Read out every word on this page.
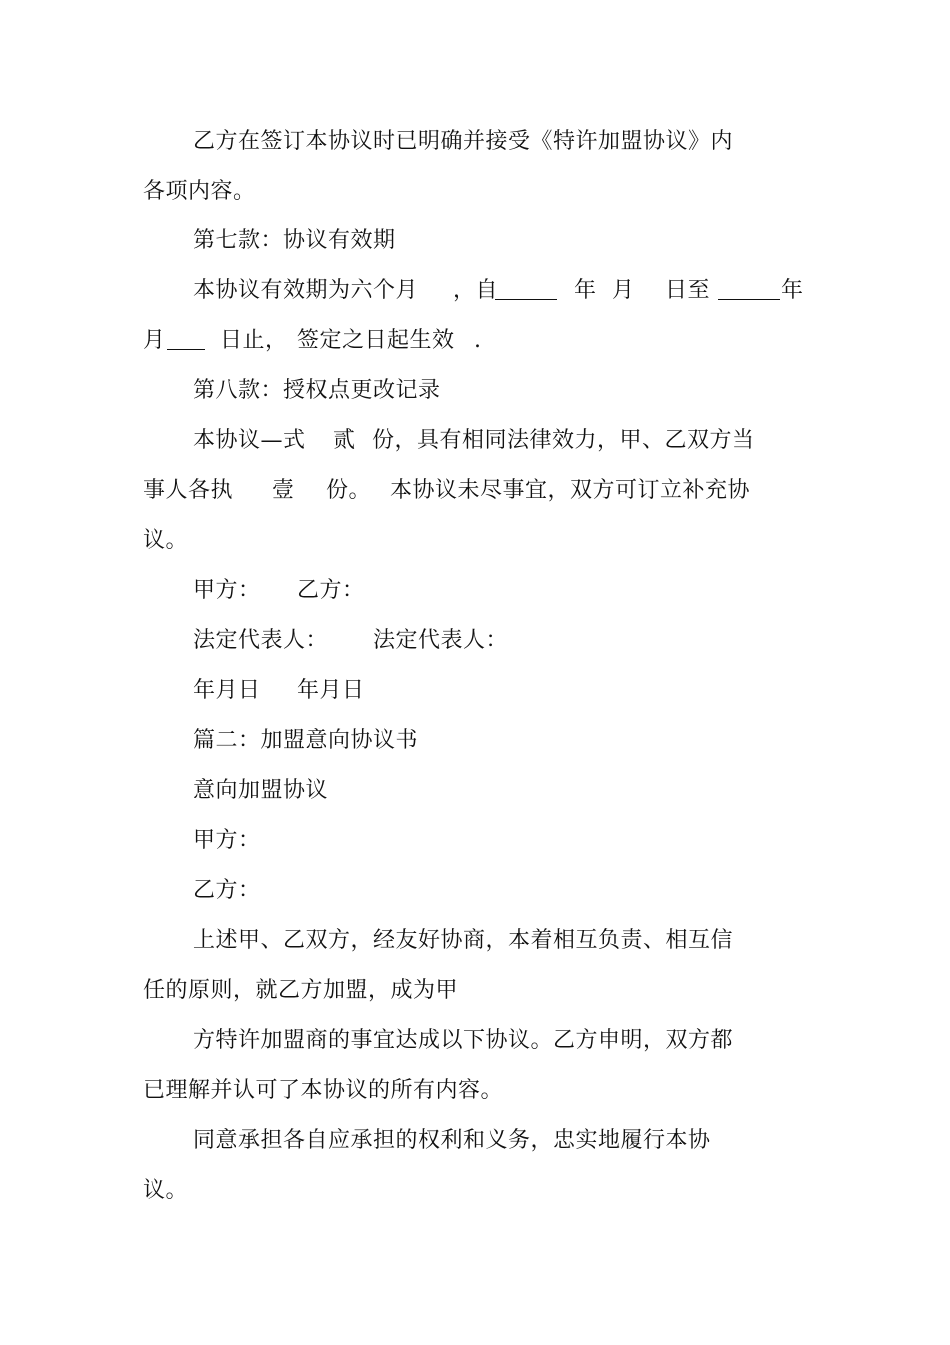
乙方在签订本协议时已明确并接受《特许加盟协议》内
各项内容。
第七款：协议有效期
本协议有效期为六个月 ，自	年 月 日至	年
月 日止， 签定之日起生效 .
第八款：授权点更改记录
本协议—式 贰 份，具有相同法律效力，甲、乙双方当
事人各执 壹 份。 本协议未尽事宜，双方可订立补充协
议。
甲方： 乙方：
法定代表人： 法定代表人：
年月日 年月日
篇二：加盟意向协议书
意向加盟协议
甲方：
乙方：
上述甲、乙双方，经友好协商，本着相互负责、相互信
任的原则，就乙方加盟，成为甲
方特许加盟商的事宜达成以下协议。乙方申明，双方都
已理解并认可了本协议的所有内容。
同意承担各自应承担的权利和义务，忠实地履行本协
议。
